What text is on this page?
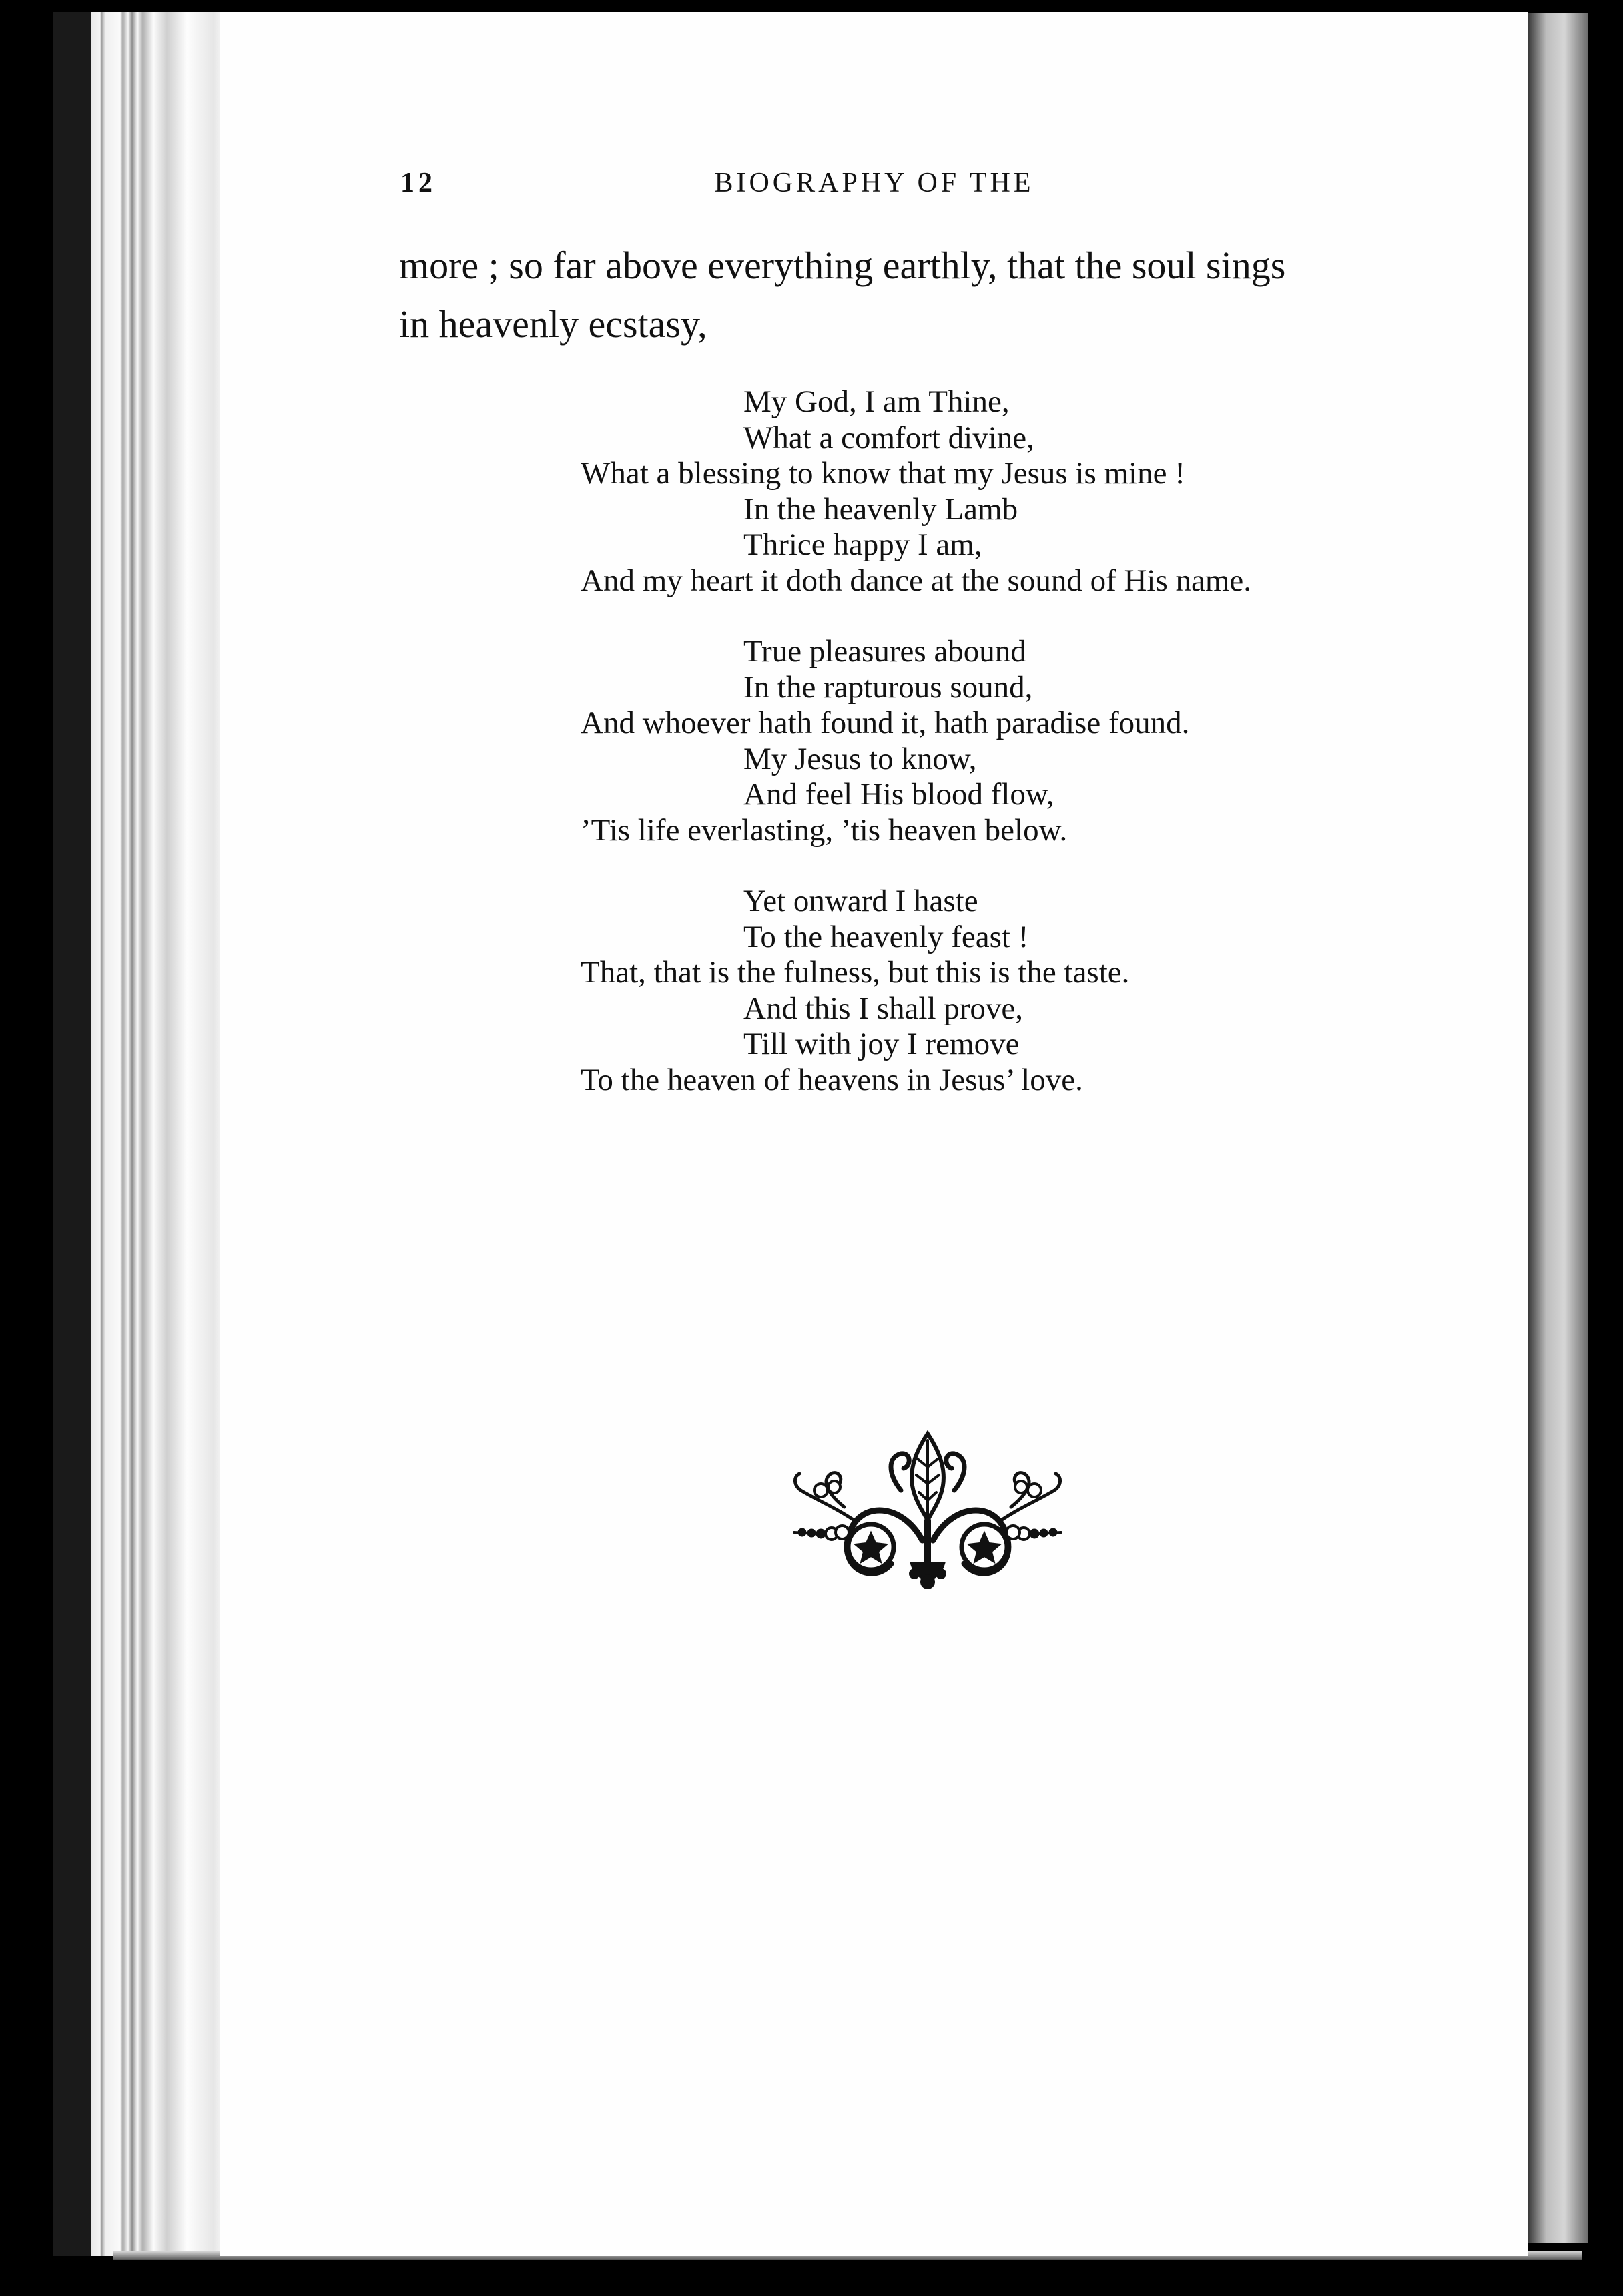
12	BIOGRAPHY OF THE
more ; so far above everything earthly, that the soul sings
in heavenly ecstasy,
My God, I am Thine,
What a comfort divine,
What a blessing to know that my Jesus is mine !
In the heavenly Lamb
Thrice happy I am,
And my heart it doth dance at the sound of His name.
True pleasures abound
In the rapturous sound,
And whoever hath found it, hath paradise found.
My Jesus to know,
And feel His blood flow,
’Tis life everlasting, ’tis heaven below.
Yet onward I haste
To the heavenly feast !
That, that is the fulness, but this is the taste.
And this I shall prove,
Till with joy I remove
To the heaven of heavens in Jesus’ love.
